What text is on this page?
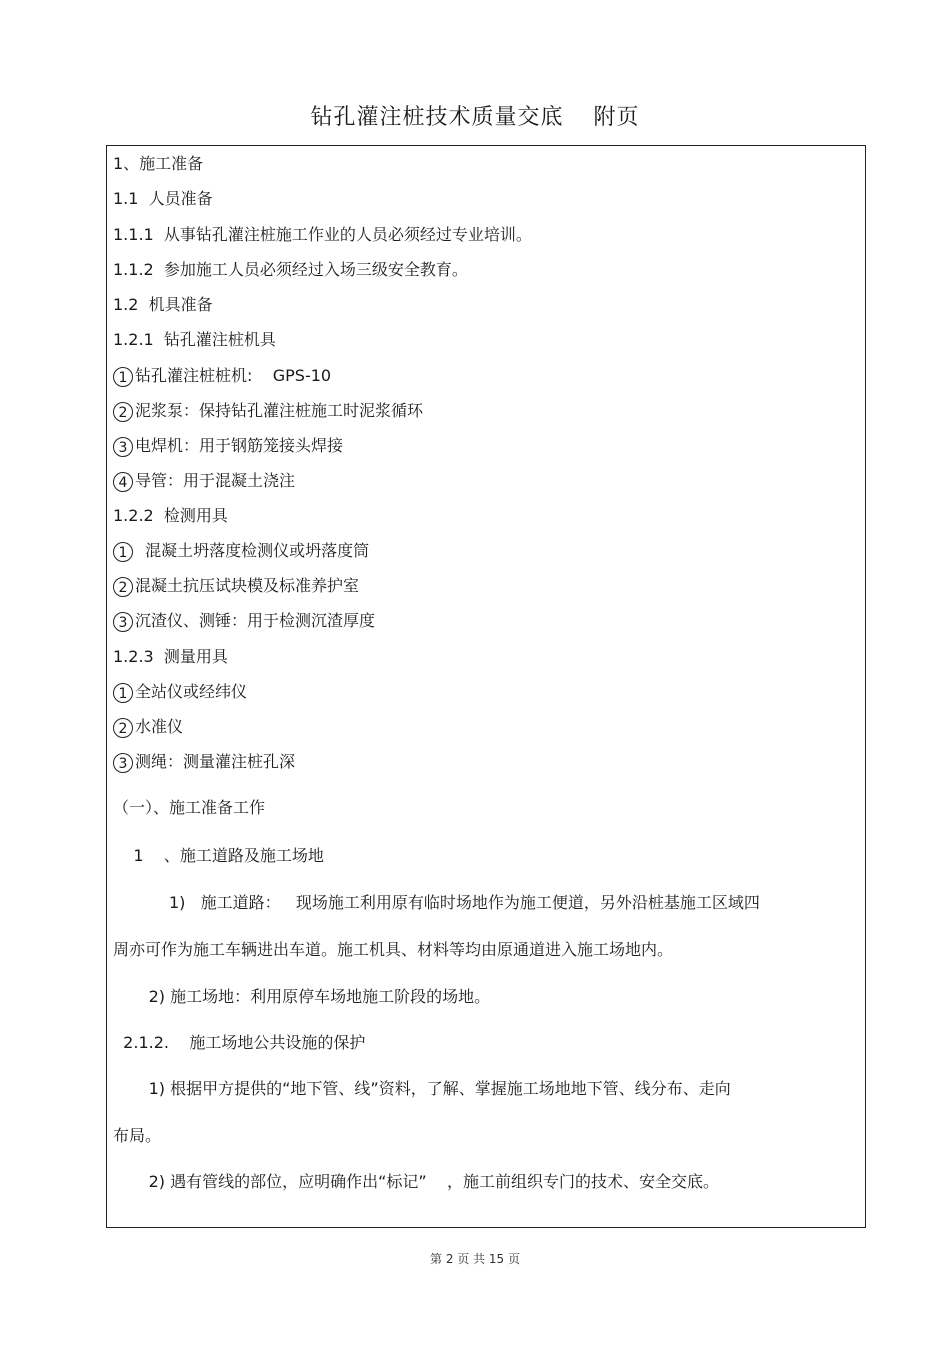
钻孔灌注桩技术质量交底 附页
1、施工准备
1.1  人员准备
1.1.1  从事钻孔灌注桩施工作业的人员必须经过专业培训。
1.1.2  参加施工人员必须经过入场三级安全教育。
1.2  机具准备
1.2.1  钻孔灌注桩机具
1 钻孔灌注桩桩机:    GPS-10
2 泥浆泵：保持钻孔灌注桩施工时泥浆循环
3 电焊机：用于钢筋笼接头焊接
4 导管：用于混凝土浇注
1.2.2  检测用具
1  混凝土坍落度检测仪或坍落度筒
2 混凝土抗压试块模及标准养护室
3 沉渣仪、测锤：用于检测沉渣厚度
1.2.3  测量用具
1 全站仪或经纬仪
2 水准仪
3 测绳：测量灌注桩孔深
（一）、施工准备工作
1    、施工道路及施工场地
1)   施工道路：   现场施工利用原有临时场地作为施工便道，另外沿桩基施工区域四
周亦可作为施工车辆进出车道。施工机具、材料等均由原通道进入施工场地内。
2) 施工场地：利用原停车场地施工阶段的场地。
2.1.2.    施工场地公共设施的保护
1) 根据甲方提供的“地下管、线”资料，了解、掌握施工场地地下管、线分布、走向
布局。
2) 遇有管线的部位，应明确作出“标记”    ，施工前组织专门的技术、安全交底。
第 2 页 共 15 页
